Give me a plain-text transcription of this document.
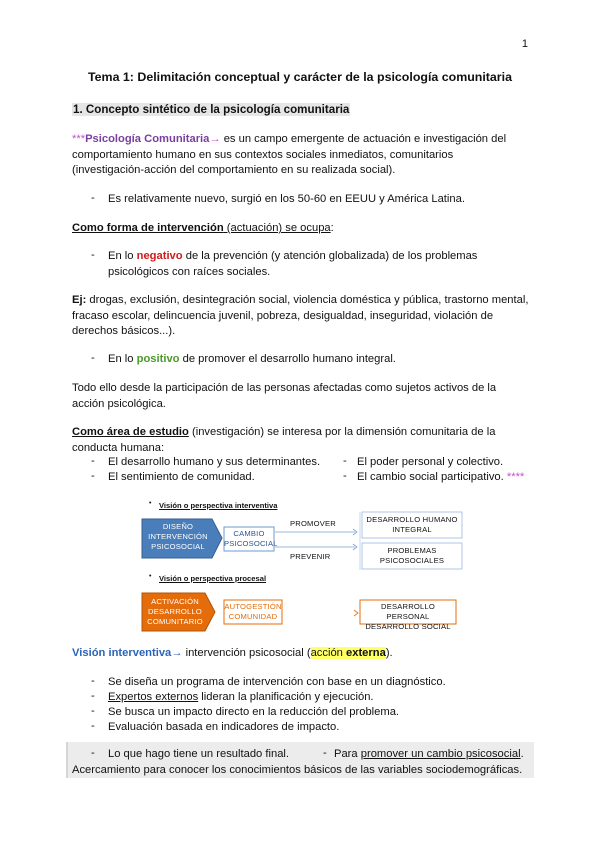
1
Tema 1: Delimitación conceptual y carácter de la psicología comunitaria
1. Concepto sintético de la psicología comunitaria
***Psicología Comunitaria→ es un campo emergente de actuación e investigación del
comportamiento humano en sus contextos sociales inmediatos, comunitarios
(investigación-acción del comportamiento en su realizada social).
- Es relativamente nuevo, surgió en los 50-60 en EEUU y América Latina.
Como forma de intervención (actuación) se ocupa:
- En lo negativo de la prevención (y atención globalizada) de los problemas
psicológicos con raíces sociales.
Ej: drogas, exclusión, desintegración social, violencia doméstica y pública, trastorno mental,
fracaso escolar, delincuencia juvenil, pobreza, desigualdad, inseguridad, violación de
derechos básicos...).
- En lo positivo de promover el desarrollo humano integral.
Todo ello desde la participación de las personas afectadas como sujetos activos de la
acción psicológica.
Como área de estudio (investigación) se interesa por la dimensión comunitaria de la
conducta humana:
- El desarrollo humano y sus determinantes.
- El sentimiento de comunidad.
- El poder personal y colectivo.
- El cambio social participativo. ****
• Visión o perspectiva interventiva
DISEÑO INTERVENCIÓN PSICOSOCIAL
CAMBIO PSICOSOCIAL
PROMOVER
PREVENIR
DESARROLLO HUMANO INTEGRAL
PROBLEMAS PSICOSOCIALES
• Visión o perspectiva procesal
ACTIVACIÓN DESARROLLO COMUNITARIO
AUTOGESTIÓN COMUNIDAD
DESARROLLO PERSONAL DESARROLLO SOCIAL
Visión interventiva→ intervención psicosocial (acción externa).
- Se diseña un programa de intervención con base en un diagnóstico.
- Expertos externos lideran la planificación y ejecución.
- Se busca un impacto directo en la reducción del problema.
- Evaluación basada en indicadores de impacto.
- Lo que hago tiene un resultado final.	- Para promover un cambio psicosocial.
Acercamiento para conocer los conocimientos básicos de las variables sociodemográficas.
